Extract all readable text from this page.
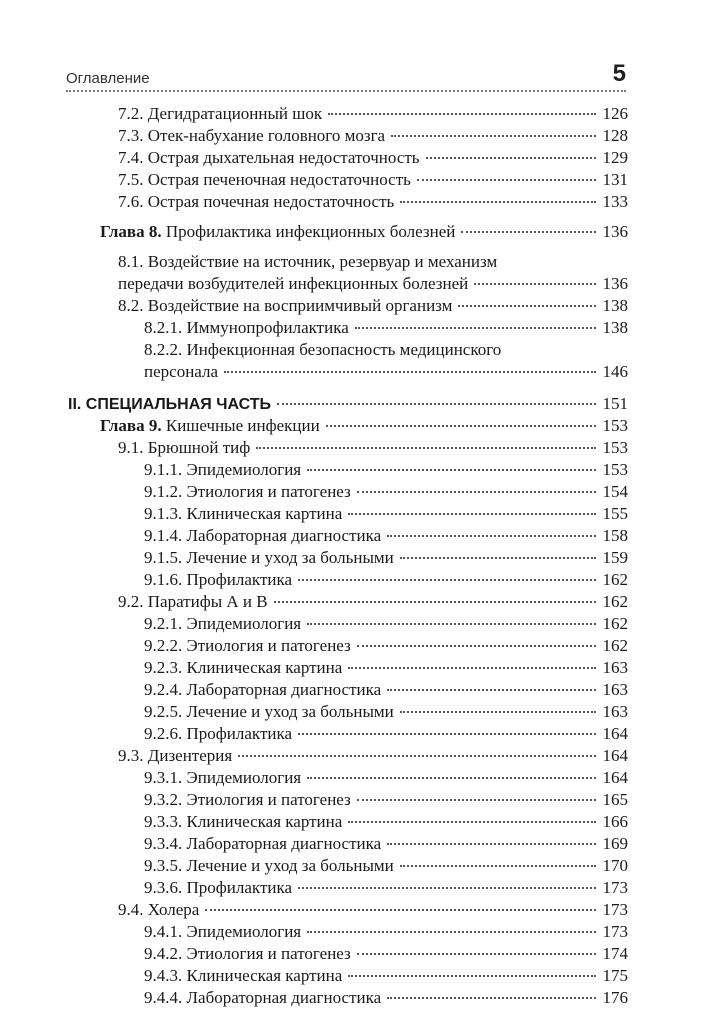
Оглавление	5
7.2. Дегидратационный шок	126
7.3. Отек-набухание головного мозга	128
7.4. Острая дыхательная недостаточность	129
7.5. Острая печеночная недостаточность	131
7.6. Острая почечная недостаточность	133
Глава 8. Профилактика инфекционных болезней	136
8.1. Воздействие на источник, резервуар и механизм
передачи возбудителей инфекционных болезней	136
8.2. Воздействие на восприимчивый организм	138
8.2.1. Иммунопрофилактика	138
8.2.2. Инфекционная безопасность медицинского
персонала	146
II. СПЕЦИАЛЬНАЯ ЧАСТЬ	151
Глава 9. Кишечные инфекции	153
9.1. Брюшной тиф	153
9.1.1. Эпидемиология	153
9.1.2. Этиология и патогенез	154
9.1.3. Клиническая картина	155
9.1.4. Лабораторная диагностика	158
9.1.5. Лечение и уход за больными	159
9.1.6. Профилактика	162
9.2. Паратифы А и В	162
9.2.1. Эпидемиология	162
9.2.2. Этиология и патогенез	162
9.2.3. Клиническая картина	163
9.2.4. Лабораторная диагностика	163
9.2.5. Лечение и уход за больными	163
9.2.6. Профилактика	164
9.3. Дизентерия	164
9.3.1. Эпидемиология	164
9.3.2. Этиология и патогенез	165
9.3.3. Клиническая картина	166
9.3.4. Лабораторная диагностика	169
9.3.5. Лечение и уход за больными	170
9.3.6. Профилактика	173
9.4. Холера	173
9.4.1. Эпидемиология	173
9.4.2. Этиология и патогенез	174
9.4.3. Клиническая картина	175
9.4.4. Лабораторная диагностика	176
